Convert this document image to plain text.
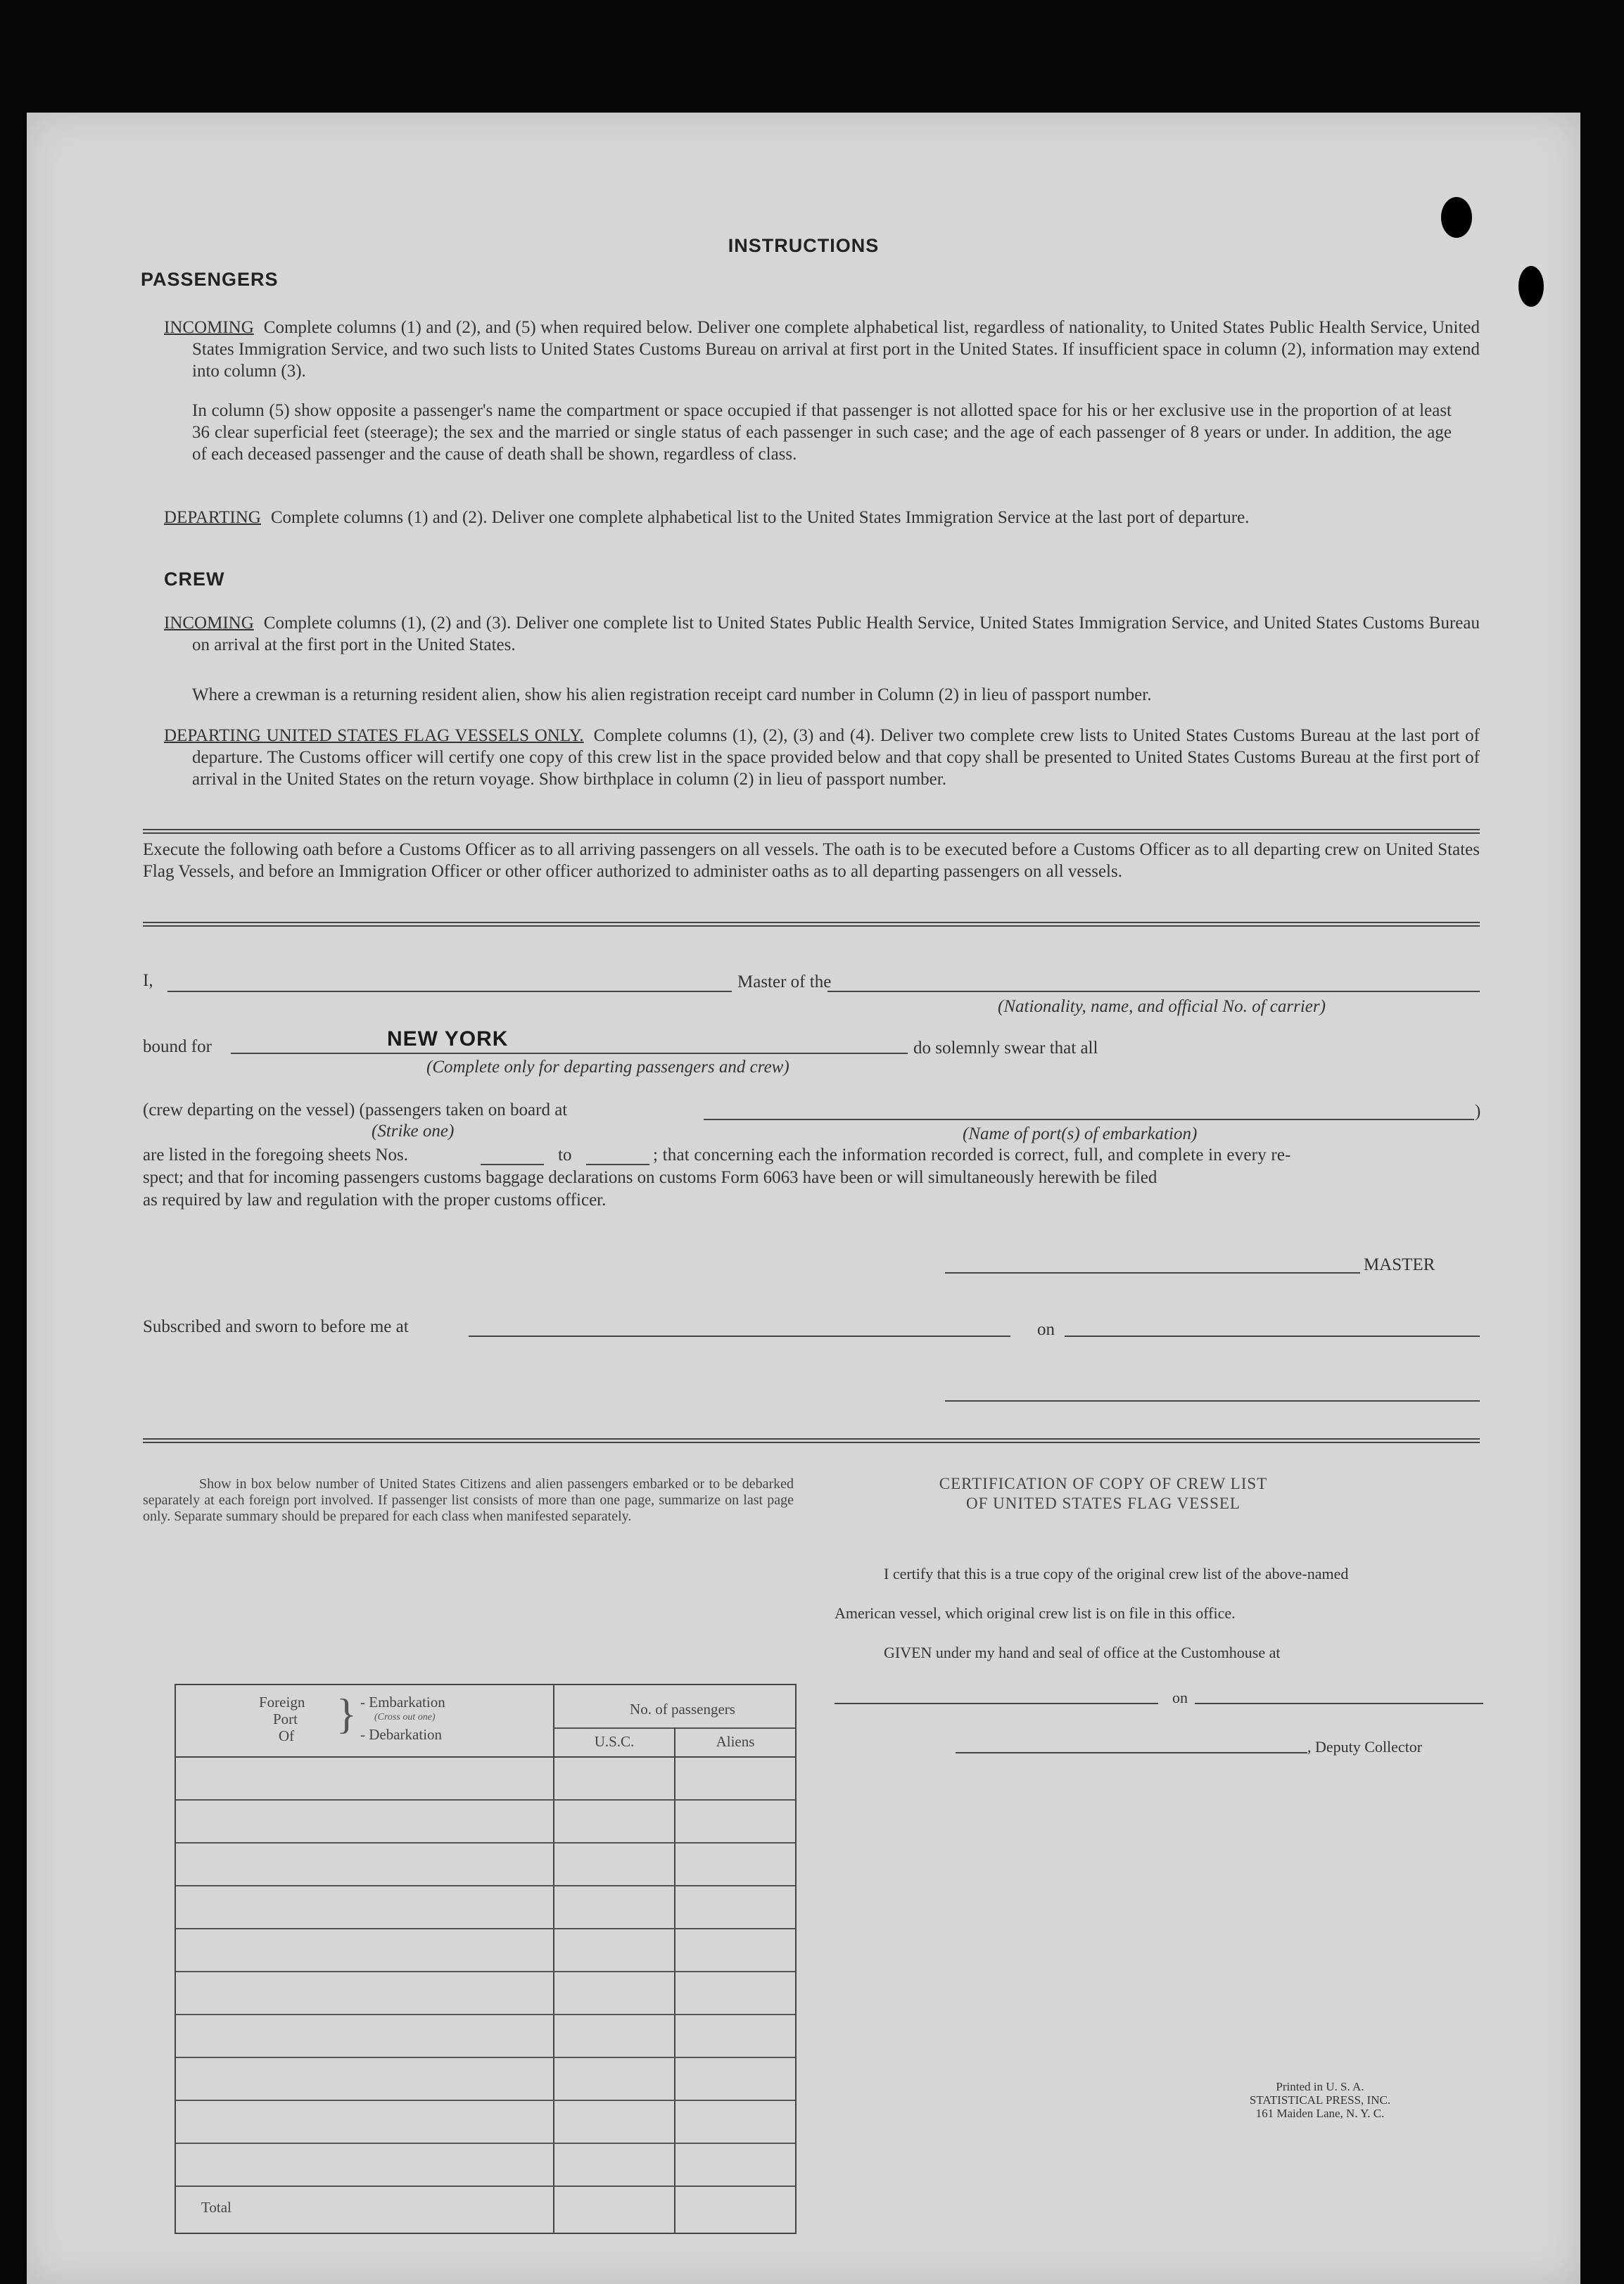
INSTRUCTIONS
PASSENGERS
INCOMING Complete columns (1) and (2), and (5) when required below. Deliver one complete alphabetical list, regardless of nationality, to United States Public Health Service, United States Immigration Service, and two such lists to United States Customs Bureau on arrival at first port in the United States. If insufficient space in column (2), information may extend into column (3).
In column (5) show opposite a passenger's name the compartment or space occupied if that passenger is not allotted space for his or her exclusive use in the proportion of at least 36 clear superficial feet (steerage); the sex and the married or single status of each passenger in such case; and the age of each passenger of 8 years or under. In addition, the age of each deceased passenger and the cause of death shall be shown, regardless of class.
DEPARTING Complete columns (1) and (2). Deliver one complete alphabetical list to the United States Immigration Service at the last port of departure.
CREW
INCOMING Complete columns (1), (2) and (3). Deliver one complete list to United States Public Health Service, United States Immigration Service, and United States Customs Bureau on arrival at the first port in the United States.
Where a crewman is a returning resident alien, show his alien registration receipt card number in Column (2) in lieu of passport number.
DEPARTING UNITED STATES FLAG VESSELS ONLY. Complete columns (1), (2), (3) and (4). Deliver two complete crew lists to United States Customs Bureau at the last port of departure. The Customs officer will certify one copy of this crew list in the space provided below and that copy shall be presented to United States Customs Bureau at the first port of arrival in the United States on the return voyage. Show birthplace in column (2) in lieu of passport number.
Execute the following oath before a Customs Officer as to all arriving passengers on all vessels. The oath is to be executed before a Customs Officer as to all departing crew on United States Flag Vessels, and before an Immigration Officer or other officer authorized to administer oaths as to all departing passengers on all vessels.
I,	Master of the
(Nationality, name, and official No. of carrier)
bound for	NEW YORK
(Complete only for departing passengers and crew)
do solemnly swear that all
(crew departing on the vessel) (passengers taken on board at
(Strike one)
)
(Name of port(s) of embarkation)
are listed in the foregoing sheets Nos.	to	; that concerning each the information recorded is correct, full, and complete in every re-
spect; and that for incoming passengers customs baggage declarations on customs Form 6063 have been or will simultaneously herewith be filed
as required by law and regulation with the proper customs officer.
MASTER
Subscribed and sworn to before me at	on
Show in box below number of United States Citizens and alien passengers embarked or to be debarked separately at each foreign port involved. If passenger list consists of more than one page, summarize on last page only. Separate summary should be prepared for each class when manifested separately.
Foreign
Port
Of } - Embarkation
(Cross out one)
- Debarkation
No. of passengers
U.S.C.	Aliens
Total
CERTIFICATION OF COPY OF CREW LIST
OF UNITED STATES FLAG VESSEL
I certify that this is a true copy of the original crew list of the above-named
American vessel, which original crew list is on file in this office.
GIVEN under my hand and seal of office at the Customhouse at
on
, Deputy Collector
Printed in U. S. A.
STATISTICAL PRESS, INC.
161 Maiden Lane, N. Y. C.
